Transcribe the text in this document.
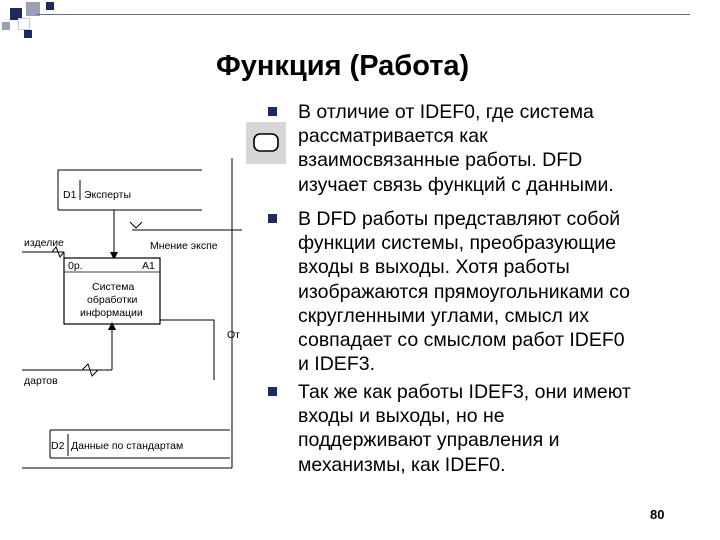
Функция (Работа)
D1 Эксперты
изделие	Мнение экспе
0р.	A1
Система
обработки
информации
От
дартов
D2 Данные по стандартам
В отличие от IDEF0, где система
рассматривается как
взаимосвязанные работы. DFD
изучает связь функций с данными.
В DFD работы представляют собой
функции системы, преобразующие
входы в выходы. Хотя работы
изображаются прямоугольниками со
скругленными углами, смысл их
совпадает со смыслом работ IDEF0
и IDEF3.
Так же как работы IDEF3, они имеют
входы и выходы, но не
поддерживают управления и
механизмы, как IDEF0.
80
